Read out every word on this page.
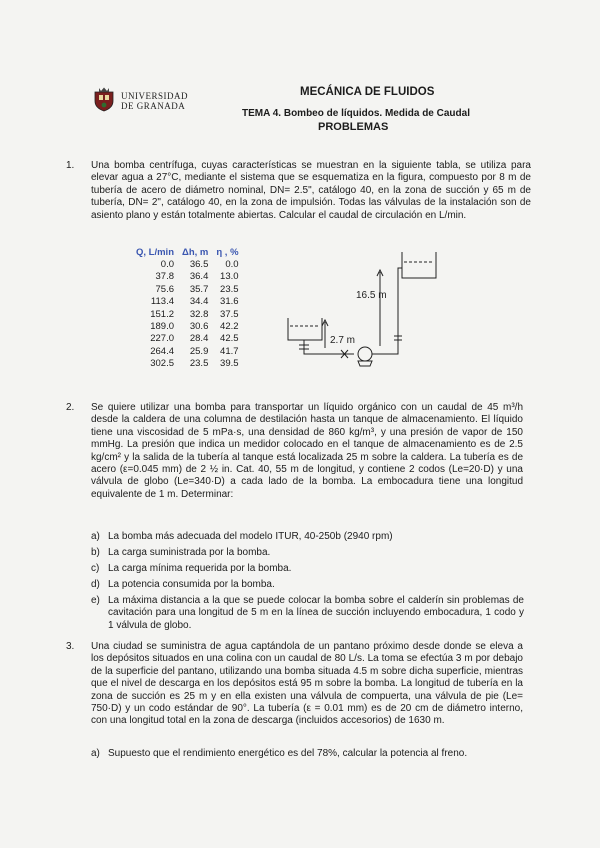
UNIVERSIDAD
DE GRANADA
MECÁNICA DE FLUIDOS
TEMA 4. Bombeo de líquidos. Medida de Caudal
PROBLEMAS
1. Una bomba centrífuga, cuyas características se muestran en la siguiente tabla, se utiliza para elevar agua a 27°C, mediante el sistema que se esquematiza en la figura, compuesto por 8 m de tubería de acero de diámetro nominal, DN= 2.5", catálogo 40, en la zona de succión y 65 m de tubería, DN= 2", catálogo 40, en la zona de impulsión. Todas las válvulas de la instalación son de asiento plano y están totalmente abiertas. Calcular el caudal de circulación en L/min.
Q, L/min	Δh, m	η , %
0.0	36.5	0.0
37.8	36.4	13.0
75.6	35.7	23.5
113.4	34.4	31.6
151.2	32.8	37.5
189.0	30.6	42.2
227.0	28.4	42.5
264.4	25.9	41.7
302.5	23.5	39.5
16.5 m
2.7 m
2. Se quiere utilizar una bomba para transportar un líquido orgánico con un caudal de 45 m³/h desde la caldera de una columna de destilación hasta un tanque de almacenamiento. El líquido tiene una viscosidad de 5 mPa·s, una densidad de 860 kg/m³, y una presión de vapor de 150 mmHg. La presión que indica un medidor colocado en el tanque de almacenamiento es de 2.5 kg/cm² y la salida de la tubería al tanque está localizada 25 m sobre la caldera. La tubería es de acero (ε=0.045 mm) de 2 ½ in. Cat. 40, 55 m de longitud, y contiene 2 codos (Le=20·D) y una válvula de globo (Le=340·D) a cada lado de la bomba. La embocadura tiene una longitud equivalente de 1 m. Determinar:
a) La bomba más adecuada del modelo ITUR, 40-250b (2940 rpm)
b) La carga suministrada por la bomba.
c) La carga mínima requerida por la bomba.
d) La potencia consumida por la bomba.
e) La máxima distancia a la que se puede colocar la bomba sobre el calderín sin problemas de cavitación para una longitud de 5 m en la línea de succión incluyendo embocadura, 1 codo y 1 válvula de globo.
3. Una ciudad se suministra de agua captándola de un pantano próximo desde donde se eleva a los depósitos situados en una colina con un caudal de 80 L/s. La toma se efectúa 3 m por debajo de la superficie del pantano, utilizando una bomba situada 4.5 m sobre dicha superficie, mientras que el nivel de descarga en los depósitos está 95 m sobre la bomba. La longitud de tubería en la zona de succión es 25 m y en ella existen una válvula de compuerta, una válvula de pie (Le= 750·D) y un codo estándar de 90°. La tubería (ε = 0.01 mm) es de 20 cm de diámetro interno, con una longitud total en la zona de descarga (incluidos accesorios) de 1630 m.
a) Supuesto que el rendimiento energético es del 78%, calcular la potencia al freno.
